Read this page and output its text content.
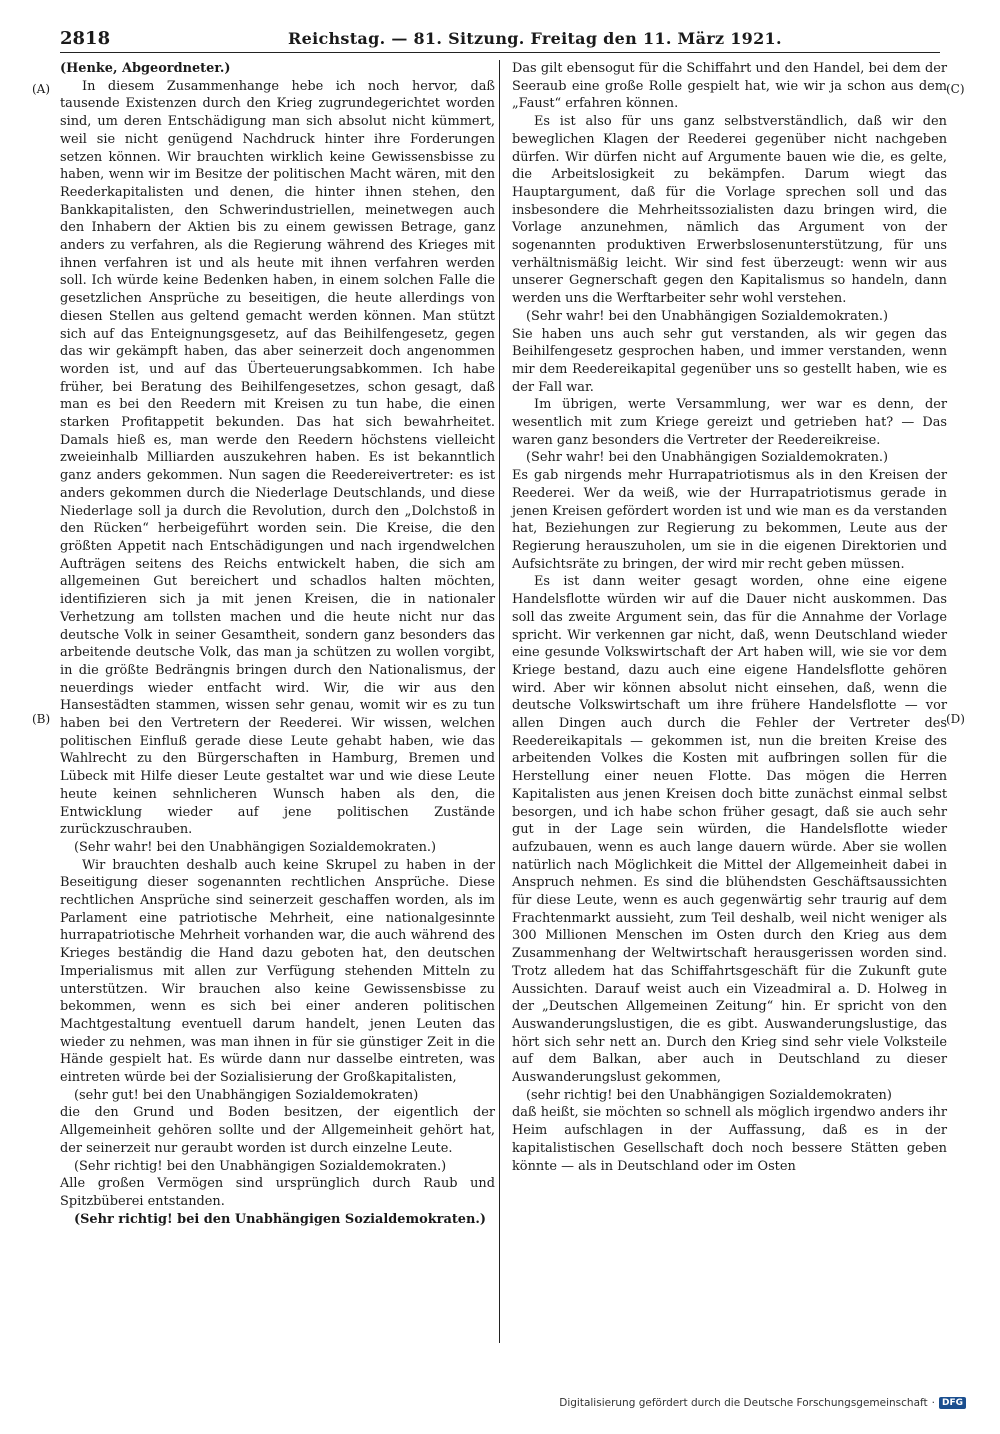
2818	Reichstag. — 81. Sitzung. Freitag den 11. März 1921.
(A)
(B)
(C)
(D)

(Henke, Abgeordneter.)

In diesem Zusammenhange hebe ich noch hervor, daß tausende Existenzen durch den Krieg zugrundegerichtet worden sind, um deren Entschädigung man sich absolut nicht kümmert, weil sie nicht genügend Nachdruck hinter ihre Forderungen setzen können. Wir brauchten wirklich keine Gewissensbisse zu haben, wenn wir im Besitze der politischen Macht wären, mit den Reederkapitalisten und denen, die hinter ihnen stehen, den Bankkapitalisten, den Schwerindustriellen, meinetwegen auch den Inhabern der Aktien bis zu einem gewissen Betrage, ganz anders zu verfahren, als die Regierung während des Krieges mit ihnen verfahren ist und als heute mit ihnen verfahren werden soll. Ich würde keine Bedenken haben, in einem solchen Falle die gesetzlichen Ansprüche zu beseitigen, die heute allerdings von diesen Stellen aus geltend gemacht werden können. Man stützt sich auf das Enteignungsgesetz, auf das Beihilfengesetz, gegen das wir gekämpft haben, das aber seinerzeit doch angenommen worden ist, und auf das Überteuerungsabkommen. Ich habe früher, bei Beratung des Beihilfengesetzes, schon gesagt, daß man es bei den Reedern mit Kreisen zu tun habe, die einen starken Profitappetit bekunden. Das hat sich bewahrheitet. Damals hieß es, man werde den Reedern höchstens vielleicht zweieinhalb Milliarden auszukehren haben. Es ist bekanntlich ganz anders gekommen. Nun sagen die Reedereivertreter: es ist anders gekommen durch die Niederlage Deutschlands, und diese Niederlage soll ja durch die Revolution, durch den „Dolchstoß in den Rücken“ herbeigeführt worden sein. Die Kreise, die den größten Appetit nach Entschädigungen und nach irgendwelchen Aufträgen seitens des Reichs entwickelt haben, die sich am allgemeinen Gut bereichert und schadlos halten möchten, identifizieren sich ja mit jenen Kreisen, die in nationaler Verhetzung am tollsten machen und die heute nicht nur das deutsche Volk in seiner Gesamtheit, sondern ganz besonders das arbeitende deutsche Volk, das man ja schützen zu wollen vorgibt, in die größte Bedrängnis bringen durch den Nationalismus, der neuerdings wieder entfacht wird. Wir, die wir aus den Hansestädten stammen, wissen sehr genau, womit wir es zu tun haben bei den Vertretern der Reederei. Wir wissen, welchen politischen Einfluß gerade diese Leute gehabt haben, wie das Wahlrecht zu den Bürgerschaften in Hamburg, Bremen und Lübeck mit Hilfe dieser Leute gestaltet war und wie diese Leute heute keinen sehnlicheren Wunsch haben als den, die Entwicklung wieder auf jene politischen Zustände zurückzuschrauben.

(Sehr wahr! bei den Unabhängigen Sozialdemokraten.)

Wir brauchten deshalb auch keine Skrupel zu haben in der Beseitigung dieser sogenannten rechtlichen Ansprüche. Diese rechtlichen Ansprüche sind seinerzeit geschaffen worden, als im Parlament eine patriotische Mehrheit, eine nationalgesinnte hurrapatriotische Mehrheit vorhanden war, die auch während des Krieges beständig die Hand dazu geboten hat, den deutschen Imperialismus mit allen zur Verfügung stehenden Mitteln zu unterstützen. Wir brauchen also keine Gewissensbisse zu bekommen, wenn es sich bei einer anderen politischen Machtgestaltung eventuell darum handelt, jenen Leuten das wieder zu nehmen, was man ihnen in für sie günstiger Zeit in die Hände gespielt hat. Es würde dann nur dasselbe eintreten, was eintreten würde bei der Sozialisierung der Großkapitalisten,

(sehr gut! bei den Unabhängigen Sozialdemokraten)

die den Grund und Boden besitzen, der eigentlich der Allgemeinheit gehören sollte und der Allgemeinheit gehört hat, der seinerzeit nur geraubt worden ist durch einzelne Leute.

(Sehr richtig! bei den Unabhängigen Sozialdemokraten.)

Alle großen Vermögen sind ursprünglich durch Raub und Spitzbüberei entstanden.

(Sehr richtig! bei den Unabhängigen Sozialdemokraten.)

Das gilt ebensogut für die Schiffahrt und den Handel, bei dem der Seeraub eine große Rolle gespielt hat, wie wir ja schon aus dem „Faust“ erfahren können.

Es ist also für uns ganz selbstverständlich, daß wir den beweglichen Klagen der Reederei gegenüber nicht nachgeben dürfen. Wir dürfen nicht auf Argumente bauen wie die, es gelte, die Arbeitslosigkeit zu bekämpfen. Darum wiegt das Hauptargument, daß für die Vorlage sprechen soll und das insbesondere die Mehrheitssozialisten dazu bringen wird, die Vorlage anzunehmen, nämlich das Argument von der sogenannten produktiven Erwerbslosenunterstützung, für uns verhältnismäßig leicht. Wir sind fest überzeugt: wenn wir aus unserer Gegnerschaft gegen den Kapitalismus so handeln, dann werden uns die Werftarbeiter sehr wohl verstehen.

(Sehr wahr! bei den Unabhängigen Sozialdemokraten.)

Sie haben uns auch sehr gut verstanden, als wir gegen das Beihilfengesetz gesprochen haben, und immer verstanden, wenn mir dem Reedereikapital gegenüber uns so gestellt haben, wie es der Fall war.

Im übrigen, werte Versammlung, wer war es denn, der wesentlich mit zum Kriege gereizt und getrieben hat? — Das waren ganz besonders die Vertreter der Reedereikreise.

(Sehr wahr! bei den Unabhängigen Sozialdemokraten.)

Es gab nirgends mehr Hurrapatriotismus als in den Kreisen der Reederei. Wer da weiß, wie der Hurrapatriotismus gerade in jenen Kreisen gefördert worden ist und wie man es da verstanden hat, Beziehungen zur Regierung zu bekommen, Leute aus der Regierung herauszuholen, um sie in die eigenen Direktorien und Aufsichtsräte zu bringen, der wird mir recht geben müssen.

Es ist dann weiter gesagt worden, ohne eine eigene Handelsflotte würden wir auf die Dauer nicht auskommen. Das soll das zweite Argument sein, das für die Annahme der Vorlage spricht. Wir verkennen gar nicht, daß, wenn Deutschland wieder eine gesunde Volkswirtschaft der Art haben will, wie sie vor dem Kriege bestand, dazu auch eine eigene Handelsflotte gehören wird. Aber wir können absolut nicht einsehen, daß, wenn die deutsche Volkswirtschaft um ihre frühere Handelsflotte — vor allen Dingen auch durch die Fehler der Vertreter des Reedereikapitals — gekommen ist, nun die breiten Kreise des arbeitenden Volkes die Kosten mit aufbringen sollen für die Herstellung einer neuen Flotte. Das mögen die Herren Kapitalisten aus jenen Kreisen doch bitte zunächst einmal selbst besorgen, und ich habe schon früher gesagt, daß sie auch sehr gut in der Lage sein würden, die Handelsflotte wieder aufzubauen, wenn es auch lange dauern würde. Aber sie wollen natürlich nach Möglichkeit die Mittel der Allgemeinheit dabei in Anspruch nehmen. Es sind die blühendsten Geschäftsaussichten für diese Leute, wenn es auch gegenwärtig sehr traurig auf dem Frachtenmarkt aussieht, zum Teil deshalb, weil nicht weniger als 300 Millionen Menschen im Osten durch den Krieg aus dem Zusammenhang der Weltwirtschaft herausgerissen worden sind. Trotz alledem hat das Schiffahrtsgeschäft für die Zukunft gute Aussichten. Darauf weist auch ein Vizeadmiral a. D. Holweg in der „Deutschen Allgemeinen Zeitung“ hin. Er spricht von den Auswanderungslustigen, die es gibt. Auswanderungslustige, das hört sich sehr nett an. Durch den Krieg sind sehr viele Volksteile auf dem Balkan, aber auch in Deutschland zu dieser Auswanderungslust gekommen,

(sehr richtig! bei den Unabhängigen Sozialdemokraten)

daß heißt, sie möchten so schnell als möglich irgendwo anders ihr Heim aufschlagen in der Auffassung, daß es in der kapitalistischen Gesellschaft doch noch bessere Stätten geben könnte — als in Deutschland oder im Osten

Digitalisierung gefördert durch die Deutsche Forschungsgemeinschaft · DFG
